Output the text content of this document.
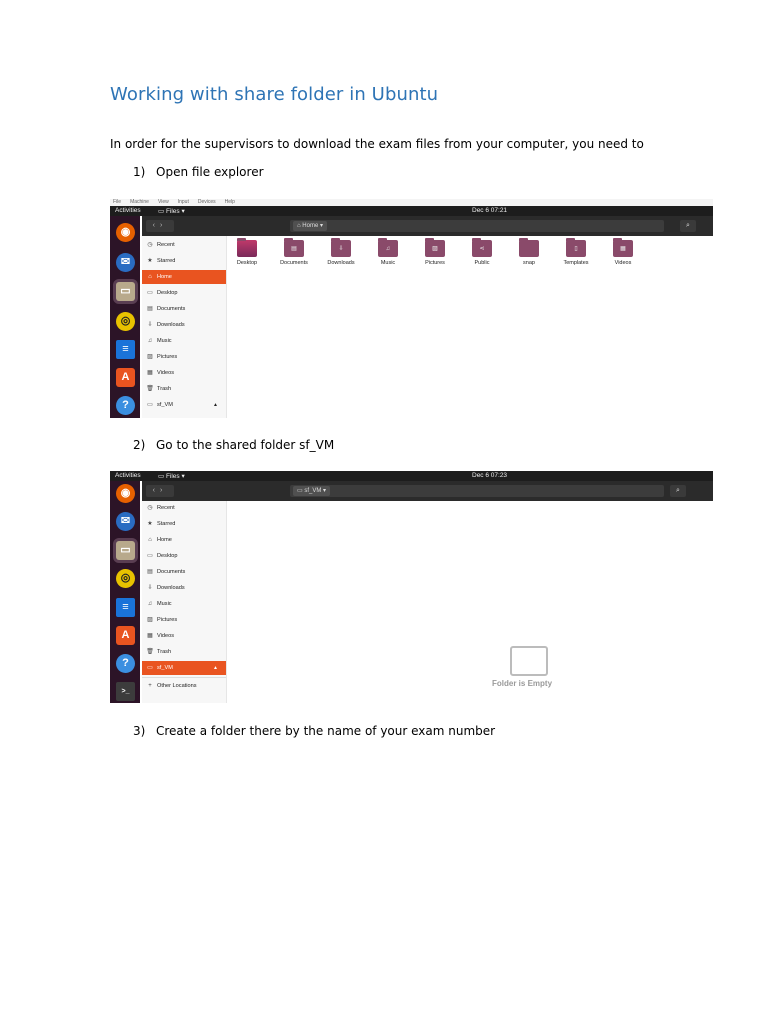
Working with share folder in Ubuntu
In order for the supervisors to download the exam files from your computer, you need to
1) Open file explorer
File Machine View Input Devices Help
Activities	▭ Files ▾	Dec 6 07:21
‹›	⌂ Home ▾	⌕
◉
✉
▭
◎
≡
A
?
◷ Recent
★ Starred
⌂ Home
▭ Desktop
▤ Documents
⇩ Downloads
♫ Music
▨ Pictures
▦ Videos
🗑 Trash
▭ sf_VM	▲
Desktop
▤
Documents
⇩
Downloads
♫
Music
▨
Pictures
⋖
Public	snap
▯
Templates
▦
Videos
2) Go to the shared folder sf_VM
Activities	▭ Files ▾	Dec 6 07:23
‹›	▭ sf_VM ▾	⌕
◉
✉
▭
◎
≡
A
?
>_
◷ Recent
★ Starred
⌂ Home
▭ Desktop
▤ Documents
⇩ Downloads
♫ Music
▨ Pictures
▦ Videos
🗑 Trash
▭ sf_VM	▲
+ Other Locations	Folder is Empty
3) Create a folder there by the name of your exam number
